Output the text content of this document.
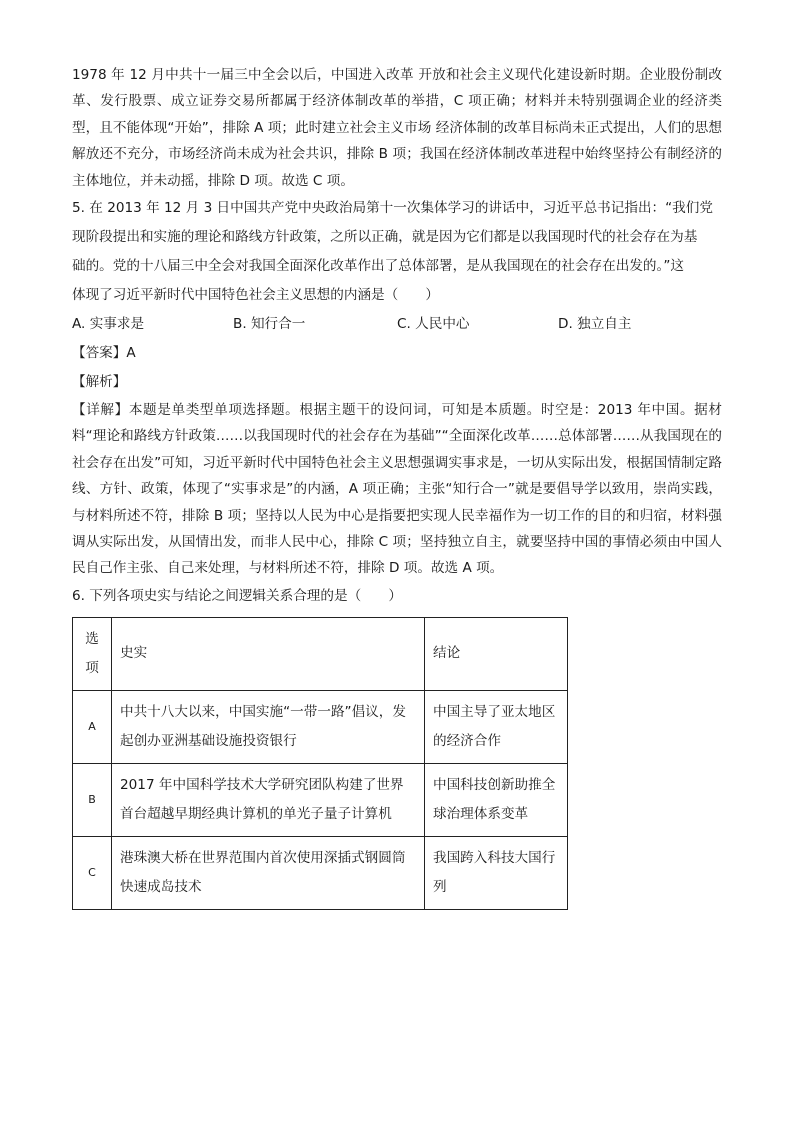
1978 年 12 月中共十一届三中全会以后，中国进入改革 开放和社会主义现代化建设新时期。企业股份制改革、发行股票、成立证券交易所都属于经济体制改革的举措，C 项正确；材料并未特别强调企业的经济类型，且不能体现“开始”，排除 A 项；此时建立社会主义市场 经济体制的改革目标尚未正式提出，人们的思想解放还不充分，市场经济尚未成为社会共识，排除 B 项；我国在经济体制改革进程中始终坚持公有制经济的主体地位，并未动摇，排除 D 项。故选 C 项。

5. 在 2013 年 12 月 3 日中国共产党中央政治局第十一次集体学习的讲话中，习近平总书记指出：“我们党

现阶段提出和实施的理论和路线方针政策，之所以正确，就是因为它们都是以我国现时代的社会存在为基

础的。党的十八届三中全会对我国全面深化改革作出了总体部署，是从我国现在的社会存在出发的。”这

体现了习近平新时代中国特色社会主义思想的内涵是（　　）

A. 实事求是	B. 知行合一	C. 人民中心	D. 独立自主

【答案】A

【解析】

【详解】本题是单类型单项选择题。根据主题干的设问词，可知是本质题。时空是：2013 年中国。据材料“理论和路线方针政策……以我国现时代的社会存在为基础”“全面深化改革……总体部署……从我国现在的社会存在出发”可知，习近平新时代中国特色社会主义思想强调实事求是，一切从实际出发，根据国情制定路线、方针、政策，体现了“实事求是”的内涵，A 项正确；主张“知行合一”就是要倡导学以致用，崇尚实践，与材料所述不符，排除 B 项；坚持以人民为中心是指要把实现人民幸福作为一切工作的目的和归宿，材料强调从实际出发，从国情出发，而非人民中心，排除 C 项；坚持独立自主，就要坚持中国的事情必须由中国人民自己作主张、自己来处理，与材料所述不符，排除 D 项。故选 A 项。

6. 下列各项史实与结论之间逻辑关系合理的是（　　）

选项	史实	结论
A	中共十八大以来，中国实施“一带一路”倡议，发起创办亚洲基础设施投资银行	中国主导了亚太地区的经济合作
B	2017 年中国科学技术大学研究团队构建了世界首台超越早期经典计算机的单光子量子计算机	中国科技创新助推全球治理体系变革
C	港珠澳大桥在世界范围内首次使用深插式钢圆筒快速成岛技术	我国跨入科技大国行列
